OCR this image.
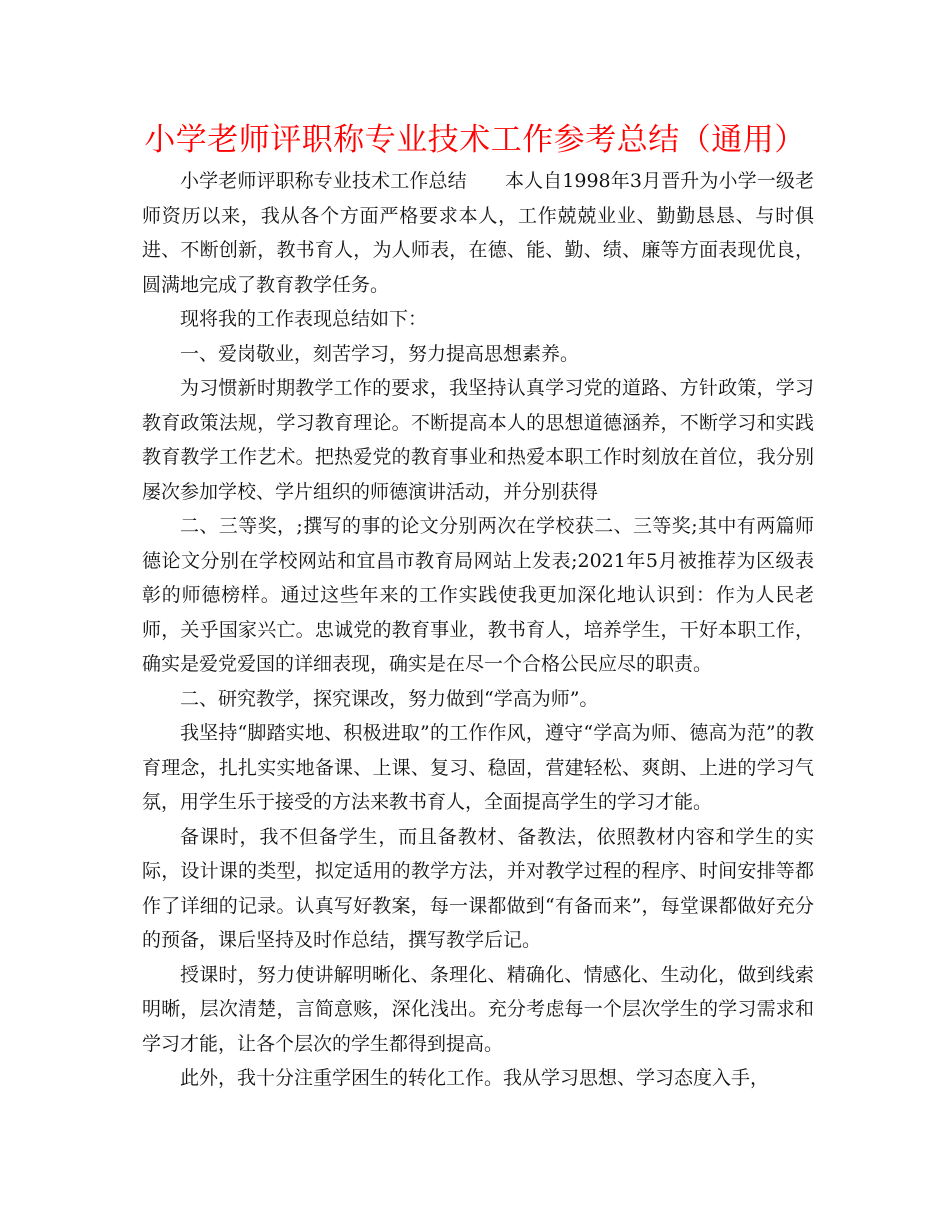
小学老师评职称专业技术工作参考总结（通用）

小学老师评职称专业技术工作总结　　本人自1998年3月晋升为小学一级老师资历以来，我从各个方面严格要求本人，工作兢兢业业、勤勤恳恳、与时俱进、不断创新，教书育人，为人师表，在德、能、勤、绩、廉等方面表现优良，圆满地完成了教育教学任务。

现将我的工作表现总结如下：

一、爱岗敬业，刻苦学习，努力提高思想素养。

为习惯新时期教学工作的要求，我坚持认真学习党的道路、方针政策，学习教育政策法规，学习教育理论。不断提高本人的思想道德涵养，不断学习和实践教育教学工作艺术。把热爱党的教育事业和热爱本职工作时刻放在首位，我分别屡次参加学校、学片组织的师德演讲活动，并分别获得

二、三等奖，;撰写的事的论文分别两次在学校获二、三等奖;其中有两篇师德论文分别在学校网站和宜昌市教育局网站上发表;2021年5月被推荐为区级表彰的师德榜样。通过这些年来的工作实践使我更加深化地认识到：作为人民老师，关乎国家兴亡。忠诚党的教育事业，教书育人，培养学生，干好本职工作，确实是爱党爱国的详细表现，确实是在尽一个合格公民应尽的职责。

二、研究教学，探究课改，努力做到“学高为师”。

我坚持“脚踏实地、积极进取”的工作作风，遵守“学高为师、德高为范”的教育理念，扎扎实实地备课、上课、复习、稳固，营建轻松、爽朗、上进的学习气氛，用学生乐于接受的方法来教书育人，全面提高学生的学习才能。

备课时，我不但备学生，而且备教材、备教法，依照教材内容和学生的实际，设计课的类型，拟定适用的教学方法，并对教学过程的程序、时间安排等都作了详细的记录。认真写好教案，每一课都做到“有备而来”，每堂课都做好充分的预备，课后坚持及时作总结，撰写教学后记。

授课时，努力使讲解明晰化、条理化、精确化、情感化、生动化，做到线索明晰，层次清楚，言简意赅，深化浅出。充分考虑每一个层次学生的学习需求和学习才能，让各个层次的学生都得到提高。

此外，我十分注重学困生的转化工作。我从学习思想、学习态度入手，
